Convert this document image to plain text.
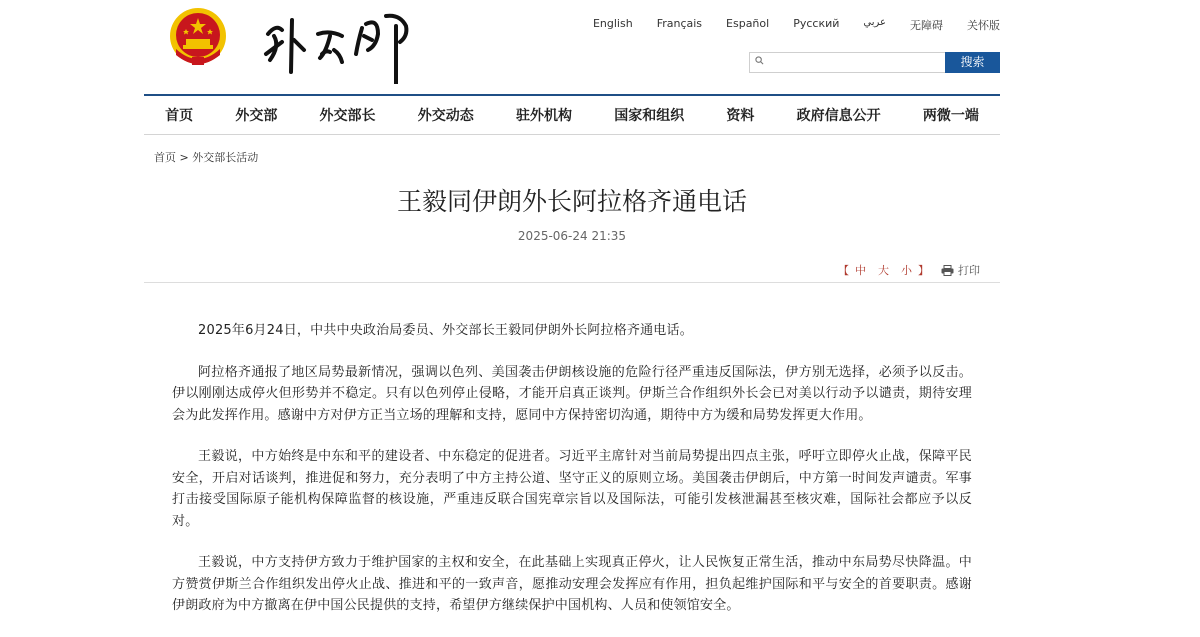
English Français Español Русский عربي 无障碍 关怀版
搜索
首页	外交部	外交部长	外交动态	驻外机构	国家和组织	资料	政府信息公开	两微一端
首页 > 外交部长活动
王毅同伊朗外长阿拉格齐通电话
2025-06-24 21:35
【 中 大 小 】	打印

2025年6月24日，中共中央政治局委员、外交部长王毅同伊朗外长阿拉格齐通电话。

阿拉格齐通报了地区局势最新情况，强调以色列、美国袭击伊朗核设施的危险行径严重违反国际法，伊方别无选择，必须予以反击。伊以刚刚达成停火但形势并不稳定。只有以色列停止侵略，才能开启真正谈判。伊斯兰合作组织外长会已对美以行动予以谴责，期待安理会为此发挥作用。感谢中方对伊方正当立场的理解和支持，愿同中方保持密切沟通，期待中方为缓和局势发挥更大作用。

王毅说，中方始终是中东和平的建设者、中东稳定的促进者。习近平主席针对当前局势提出四点主张，呼吁立即停火止战，保障平民安全，开启对话谈判，推进促和努力，充分表明了中方主持公道、坚守正义的原则立场。美国袭击伊朗后，中方第一时间发声谴责。军事打击接受国际原子能机构保障监督的核设施，严重违反联合国宪章宗旨以及国际法，可能引发核泄漏甚至核灾难，国际社会都应予以反对。

王毅说，中方支持伊方致力于维护国家的主权和安全，在此基础上实现真正停火，让人民恢复正常生活，推动中东局势尽快降温。中方赞赏伊斯兰合作组织发出停火止战、推进和平的一致声音，愿推动安理会发挥应有作用，担负起维护国际和平与安全的首要职责。感谢伊朗政府为中方撤离在伊中国公民提供的支持，希望伊方继续保护中国机构、人员和使领馆安全。
